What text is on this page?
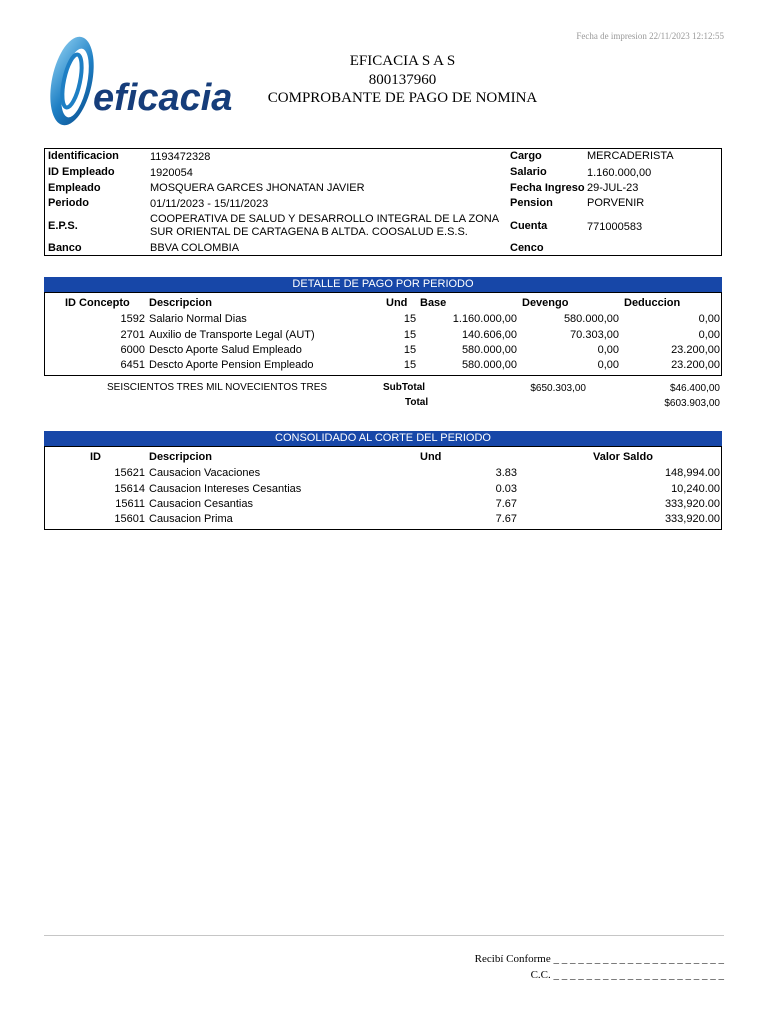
Fecha de impresion 22/11/2023 12:12:55
eficacia
EFICACIA S A S
800137960
COMPROBANTE DE PAGO DE NOMINA
Identificacion	1193472328
ID Empleado	1920054
Empleado	MOSQUERA GARCES JHONATAN JAVIER
Periodo	01/11/2023 - 15/11/2023
E.P.S.
COOPERATIVA DE SALUD Y DESARROLLO INTEGRAL DE LA ZONA
SUR ORIENTAL DE CARTAGENA B ALTDA. COOSALUD E.S.S.
Banco	BBVA COLOMBIA
Cargo	MERCADERISTA
Salario	1.160.000,00
Fecha Ingreso 29-JUL-23
Pension	PORVENIR
Cuenta	771000583
Cenco
DETALLE DE PAGO POR PERIODO
ID Concepto Descripcion	Und Base	Devengo	Deduccion
1592 Salario Normal Dias	15	1.160.000,00	580.000,00	0,00
2701 Auxilio de Transporte Legal (AUT)	15	140.606,00	70.303,00	0,00
6000 Descto Aporte Salud Empleado	15	580.000,00	0,00	23.200,00
6451 Descto Aporte Pension Empleado	15	580.000,00	0,00	23.200,00
SEISCIENTOS TRES MIL NOVECIENTOS TRES	SubTotal	$650.303,00	$46.400,00
Total	$603.903,00
CONSOLIDADO AL CORTE DEL PERIODO
ID	Descripcion	Und	Valor Saldo
15621 Causacion Vacaciones	3.83	148,994.00
15614 Causacion Intereses Cesantias	0.03	10,240.00
15611 Causacion Cesantias	7.67	333,920.00
15601 Causacion Prima	7.67	333,920.00
Recibí Conforme _ _ _ _ _ _ _ _ _ _ _ _ _ _ _ _ _ _ _ _ _
C.C. _ _ _ _ _ _ _ _ _ _ _ _ _ _ _ _ _ _ _ _ _
